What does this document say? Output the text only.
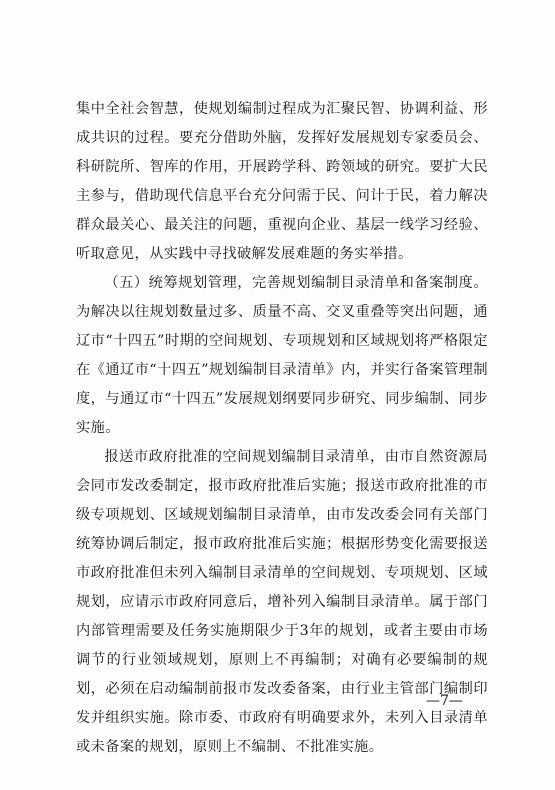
集中全社会智慧，使规划编制过程成为汇聚民智、协调利益、形成共识的过程。要充分借助外脑，发挥好发展规划专家委员会、科研院所、智库的作用，开展跨学科、跨领域的研究。要扩大民主参与，借助现代信息平台充分问需于民、问计于民，着力解决群众最关心、最关注的问题，重视向企业、基层一线学习经验、听取意见，从实践中寻找破解发展难题的务实举措。

（五）统筹规划管理，完善规划编制目录清单和备案制度。为解决以往规划数量过多、质量不高、交叉重叠等突出问题，通辽市“十四五”时期的空间规划、专项规划和区域规划将严格限定在《通辽市“十四五”规划编制目录清单》内，并实行备案管理制度，与通辽市“十四五”发展规划纲要同步研究、同步编制、同步实施。

报送市政府批准的空间规划编制目录清单，由市自然资源局会同市发改委制定，报市政府批准后实施；报送市政府批准的市级专项规划、区域规划编制目录清单，由市发改委会同有关部门统筹协调后制定，报市政府批准后实施；根据形势变化需要报送市政府批准但未列入编制目录清单的空间规划、专项规划、区域规划，应请示市政府同意后，增补列入编制目录清单。属于部门内部管理需要及任务实施期限少于3年的规划，或者主要由市场调节的行业领域规划，原则上不再编制；对确有必要编制的规划，必须在启动编制前报市发改委备案，由行业主管部门编制印发并组织实施。除市委、市政府有明确要求外，未列入目录清单或未备案的规划，原则上不编制、不批准实施。

—7—
